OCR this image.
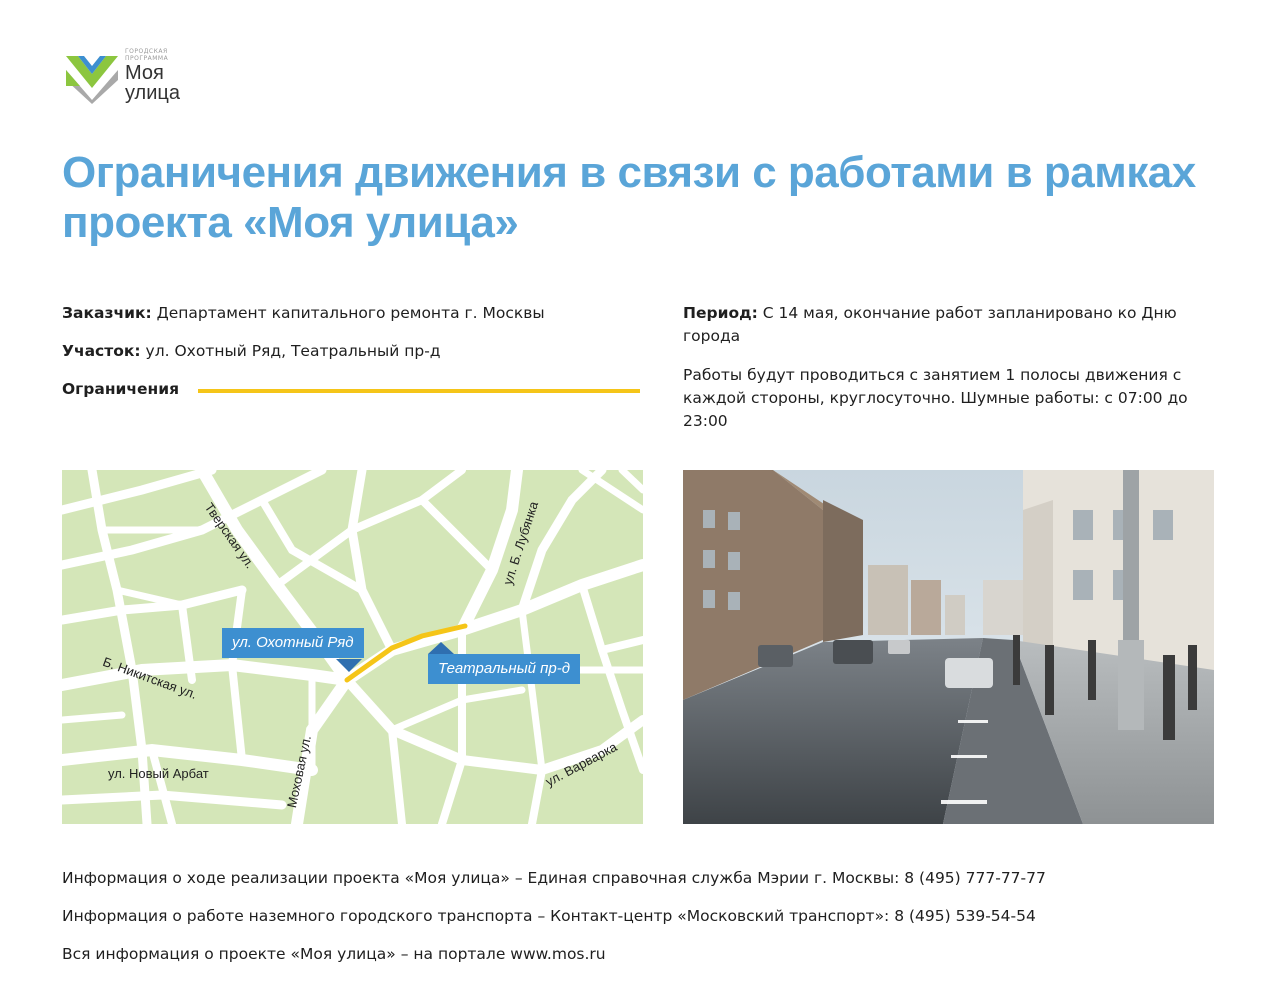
ГОРОДСКАЯ
ПРОГРАММА
Моя
улица
Ограничения движения в связи с работами в рамках проекта «Моя улица»
Заказчик: Департамент капитального ремонта г. Москвы
Участок: ул. Охотный Ряд, Театральный пр-д
Ограничения
Период: С 14 мая, окончание работ запланировано ко Дню города
Работы будут проводиться с занятием 1 полосы движения с каждой стороны, круглосуточно. Шумные работы: с 07:00 до 23:00
Тверская ул.	ул. Б. Лубянка
Б. Никитская ул.
Моховая ул.
ул. Новый Арбат	ул. Варварка
ул. Охотный Ряд
Театральный пр-д
Информация о ходе реализации проекта «Моя улица» – Единая справочная служба Мэрии г. Москвы: 8 (495) 777-77-77
Информация о работе наземного городского транспорта – Контакт-центр «Московский транспорт»: 8 (495) 539-54-54
Вся информация о проекте «Моя улица» – на портале www.mos.ru
